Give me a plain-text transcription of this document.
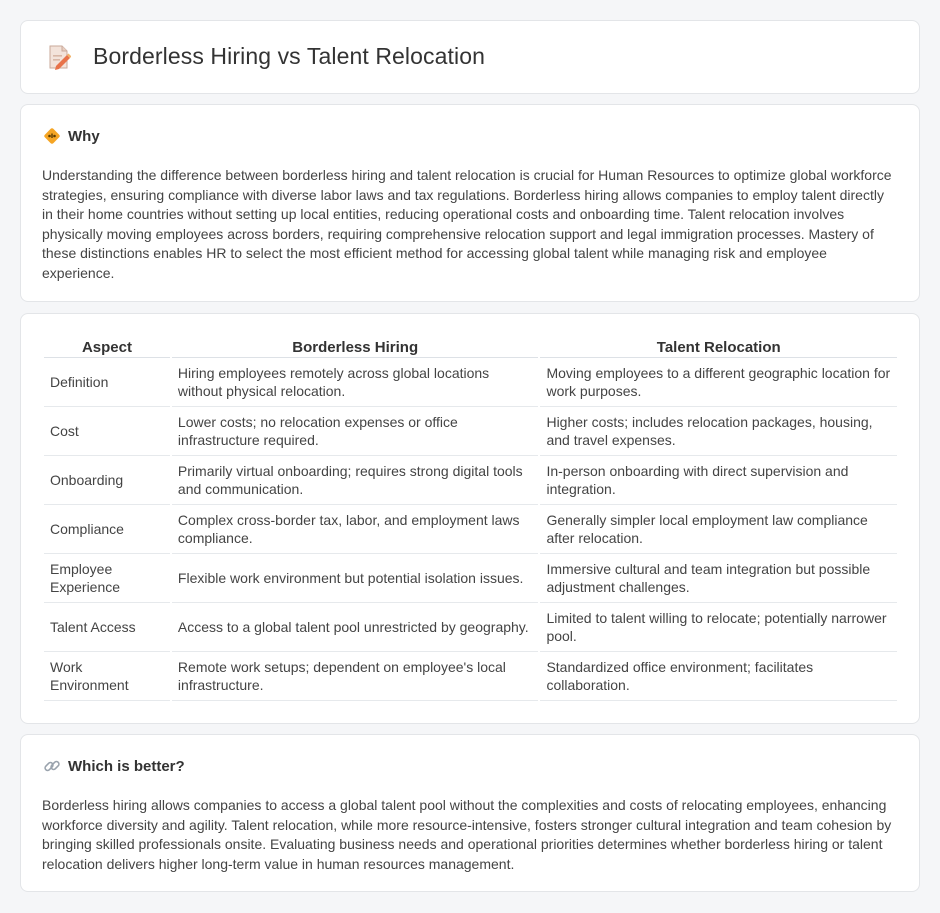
Borderless Hiring vs Talent Relocation
Why

Understanding the difference between borderless hiring and talent relocation is crucial for Human Resources to optimize global workforce strategies, ensuring compliance with diverse labor laws and tax regulations. Borderless hiring allows companies to employ talent directly in their home countries without setting up local entities, reducing operational costs and onboarding time. Talent relocation involves physically moving employees across borders, requiring comprehensive relocation support and legal immigration processes. Mastery of these distinctions enables HR to select the most efficient method for accessing global talent while managing risk and employee experience.

Aspect	Borderless Hiring	Talent Relocation
Definition	Hiring employees remotely across global locations without physical relocation.	Moving employees to a different geographic location for work purposes.
Cost	Lower costs; no relocation expenses or office infrastructure required.	Higher costs; includes relocation packages, housing, and travel expenses.
Onboarding	Primarily virtual onboarding; requires strong digital tools and communication.	In-person onboarding with direct supervision and integration.
Compliance	Complex cross-border tax, labor, and employment laws compliance.	Generally simpler local employment law compliance after relocation.
Employee Experience	Flexible work environment but potential isolation issues.	Immersive cultural and team integration but possible adjustment challenges.
Talent Access	Access to a global talent pool unrestricted by geography.	Limited to talent willing to relocate; potentially narrower pool.
Work Environment	Remote work setups; dependent on employee's local infrastructure.	Standardized office environment; facilitates collaboration.
Which is better?

Borderless hiring allows companies to access a global talent pool without the complexities and costs of relocating employees, enhancing workforce diversity and agility. Talent relocation, while more resource-intensive, fosters stronger cultural integration and team cohesion by bringing skilled professionals onsite. Evaluating business needs and operational priorities determines whether borderless hiring or talent relocation delivers higher long-term value in human resources management.
